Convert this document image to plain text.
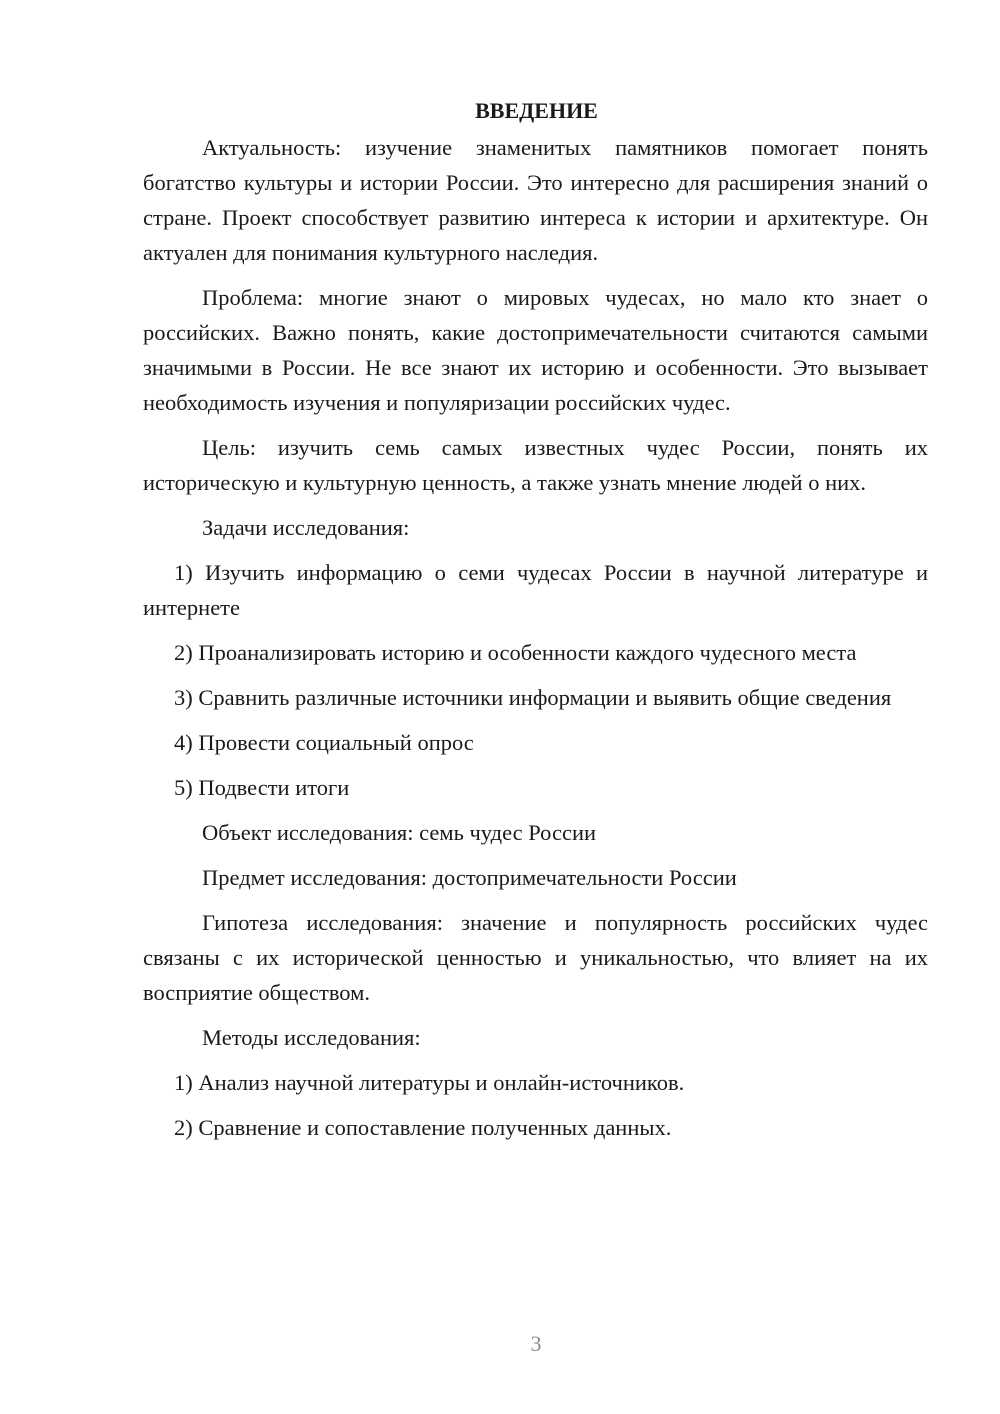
ВВЕДЕНИЕ

Актуальность: изучение знаменитых памятников помогает понять богатство культуры и истории России. Это интересно для расширения знаний о стране. Проект способствует развитию интереса к истории и архитектуре. Он актуален для понимания культурного наследия.

Проблема: многие знают о мировых чудесах, но мало кто знает о российских. Важно понять, какие достопримечательности считаются самыми значимыми в России. Не все знают их историю и особенности. Это вызывает необходимость изучения и популяризации российских чудес.

Цель: изучить семь самых известных чудес России, понять их историческую и культурную ценность, а также узнать мнение людей о них.

Задачи исследования:

1) Изучить информацию о семи чудесах России в научной литературе и интернете

2) Проанализировать историю и особенности каждого чудесного места

3) Сравнить различные источники информации и выявить общие сведения

4) Провести социальный опрос

5) Подвести итоги

Объект исследования: семь чудес России

Предмет исследования: достопримечательности России

Гипотеза исследования: значение и популярность российских чудес связаны с их исторической ценностью и уникальностью, что влияет на их восприятие обществом.

Методы исследования:

1) Анализ научной литературы и онлайн-источников.

2) Сравнение и сопоставление полученных данных.

3
